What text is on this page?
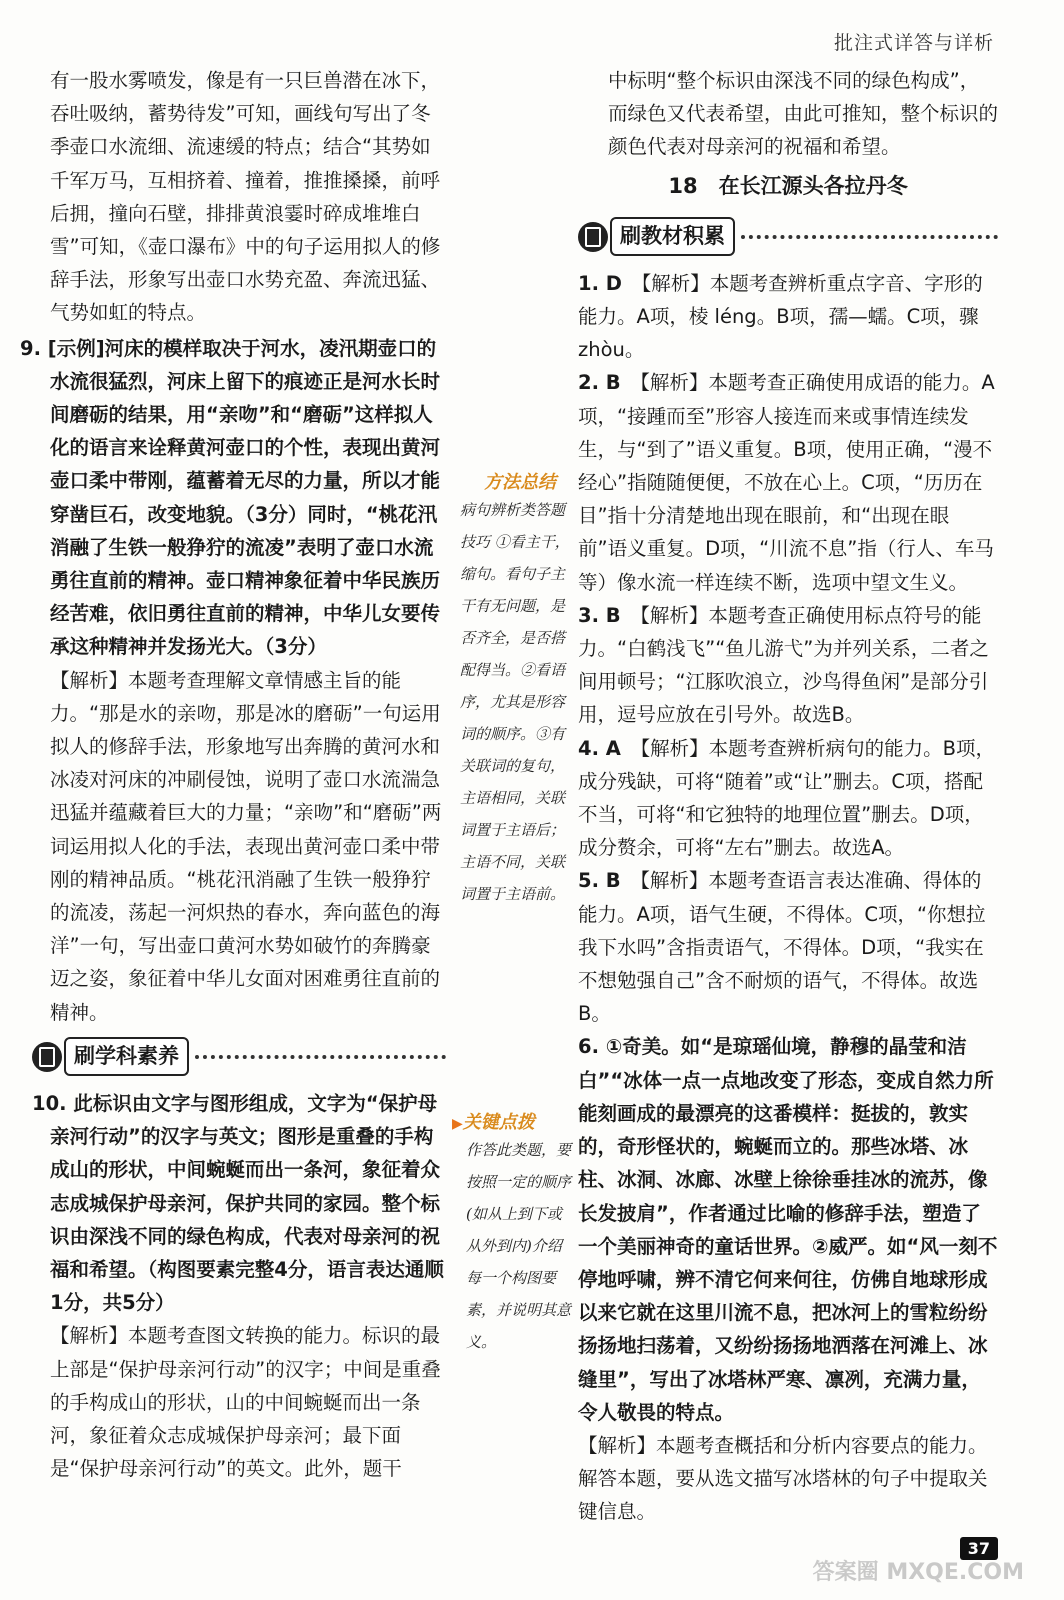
批注式详答与详析

有一股水雾喷发，像是有一只巨兽潜在冰下，吞吐吸纳，蓄势待发”可知，画线句写出了冬季壶口水流细、流速缓的特点；结合“其势如千军万马，互相挤着、撞着，推推搡搡，前呼后拥，撞向石壁，排排黄浪霎时碎成堆堆白雪”可知，《壶口瀑布》中的句子运用拟人的修辞手法，形象写出壶口水势充盈、奔流迅猛、气势如虹的特点。

9. [示例]河床的模样取决于河水，凌汛期壶口的水流很猛烈，河床上留下的痕迹正是河水长时间磨砺的结果，用“亲吻”和“磨砺”这样拟人化的语言来诠释黄河壶口的个性，表现出黄河壶口柔中带刚，蕴蓄着无尽的力量，所以才能穿凿巨石，改变地貌。（3分）同时，“桃花汛消融了生铁一般狰狞的流凌”表明了壶口水流勇往直前的精神。壶口精神象征着中华民族历经苦难，依旧勇往直前的精神，中华儿女要传承这种精神并发扬光大。（3分）

【解析】本题考查理解文章情感主旨的能力。“那是水的亲吻，那是冰的磨砺”一句运用拟人的修辞手法，形象地写出奔腾的黄河水和冰凌对河床的冲刷侵蚀，说明了壶口水流湍急迅猛并蕴藏着巨大的力量；“亲吻”和“磨砺”两词运用拟人化的手法，表现出黄河壶口柔中带刚的精神品质。“桃花汛消融了生铁一般狰狞的流凌，荡起一河炽热的春水，奔向蓝色的海洋”一句，写出壶口黄河水势如破竹的奔腾豪迈之姿，象征着中华儿女面对困难勇往直前的精神。

刷学科素养

10. 此标识由文字与图形组成，文字为“保护母亲河行动”的汉字与英文；图形是重叠的手构成山的形状，中间蜿蜒而出一条河，象征着众志成城保护母亲河，保护共同的家园。整个标识由深浅不同的绿色构成，代表对母亲河的祝福和希望。（构图要素完整4分，语言表达通顺1分，共5分）

【解析】本题考查图文转换的能力。标识的最上部是“保护母亲河行动”的汉字；中间是重叠的手构成山的形状，山的中间蜿蜒而出一条河，象征着众志成城保护母亲河；最下面是“保护母亲河行动”的英文。此外，题干

方法总结
病句辨析类答题技巧 ①看主干，缩句。看句子主干有无问题，是否齐全，是否搭配得当。②看语序，尤其是形容词的顺序。③有关联词的复句，主语相同，关联词置于主语后；主语不同，关联词置于主语前。
▶关键点拨
作答此类题，要按照一定的顺序(如从上到下或从外到内)介绍每一个构图要素，并说明其意义。

中标明“整个标识由深浅不同的绿色构成”，而绿色又代表希望，由此可推知，整个标识的颜色代表对母亲河的祝福和希望。

18　在长江源头各拉丹冬
刷教材积累

1. D　 【解析】本题考查辨析重点字音、字形的能力。A项，棱 léng。B项，孺—蠕。C项，骤 zhòu。

2. B　 【解析】本题考查正确使用成语的能力。A项，“接踵而至”形容人接连而来或事情连续发生，与“到了”语义重复。B项，使用正确，“漫不经心”指随随便便，不放在心上。C项，“历历在目”指十分清楚地出现在眼前，和“出现在眼前”语义重复。D项，“川流不息”指（行人、车马等）像水流一样连续不断，选项中望文生义。

3. B　 【解析】本题考查正确使用标点符号的能力。“白鹤浅飞”“鱼儿游弋”为并列关系，二者之间用顿号；“江豚吹浪立，沙鸟得鱼闲”是部分引用，逗号应放在引号外。故选B。

4. A　 【解析】本题考查辨析病句的能力。B项，成分残缺，可将“随着”或“让”删去。C项，搭配不当，可将“和它独特的地理位置”删去。D项，成分赘余，可将“左右”删去。故选A。

5. B　 【解析】本题考查语言表达准确、得体的能力。A项，语气生硬，不得体。C项，“你想拉我下水吗”含指责语气，不得体。D项，“我实在不想勉强自己”含不耐烦的语气，不得体。故选B。

6. ①奇美。如“是琼瑶仙境，静穆的晶莹和洁白”“冰体一点一点地改变了形态，变成自然力所能刻画成的最漂亮的这番模样：挺拔的，敦实的，奇形怪状的，蜿蜒而立的。那些冰塔、冰柱、冰洞、冰廊、冰壁上徐徐垂挂冰的流苏，像长发披肩”，作者通过比喻的修辞手法，塑造了一个美丽神奇的童话世界。②威严。如“风一刻不停地呼啸，辨不清它何来何往，仿佛自地球形成以来它就在这里川流不息，把冰河上的雪粒纷纷扬扬地扫荡着，又纷纷扬扬地洒落在河滩上、冰缝里”，写出了冰塔林严寒、凛冽，充满力量，令人敬畏的特点。

【解析】本题考查概括和分析内容要点的能力。解答本题，要从选文描写冰塔林的句子中提取关键信息。

37
答案圈 MXQE.COM
